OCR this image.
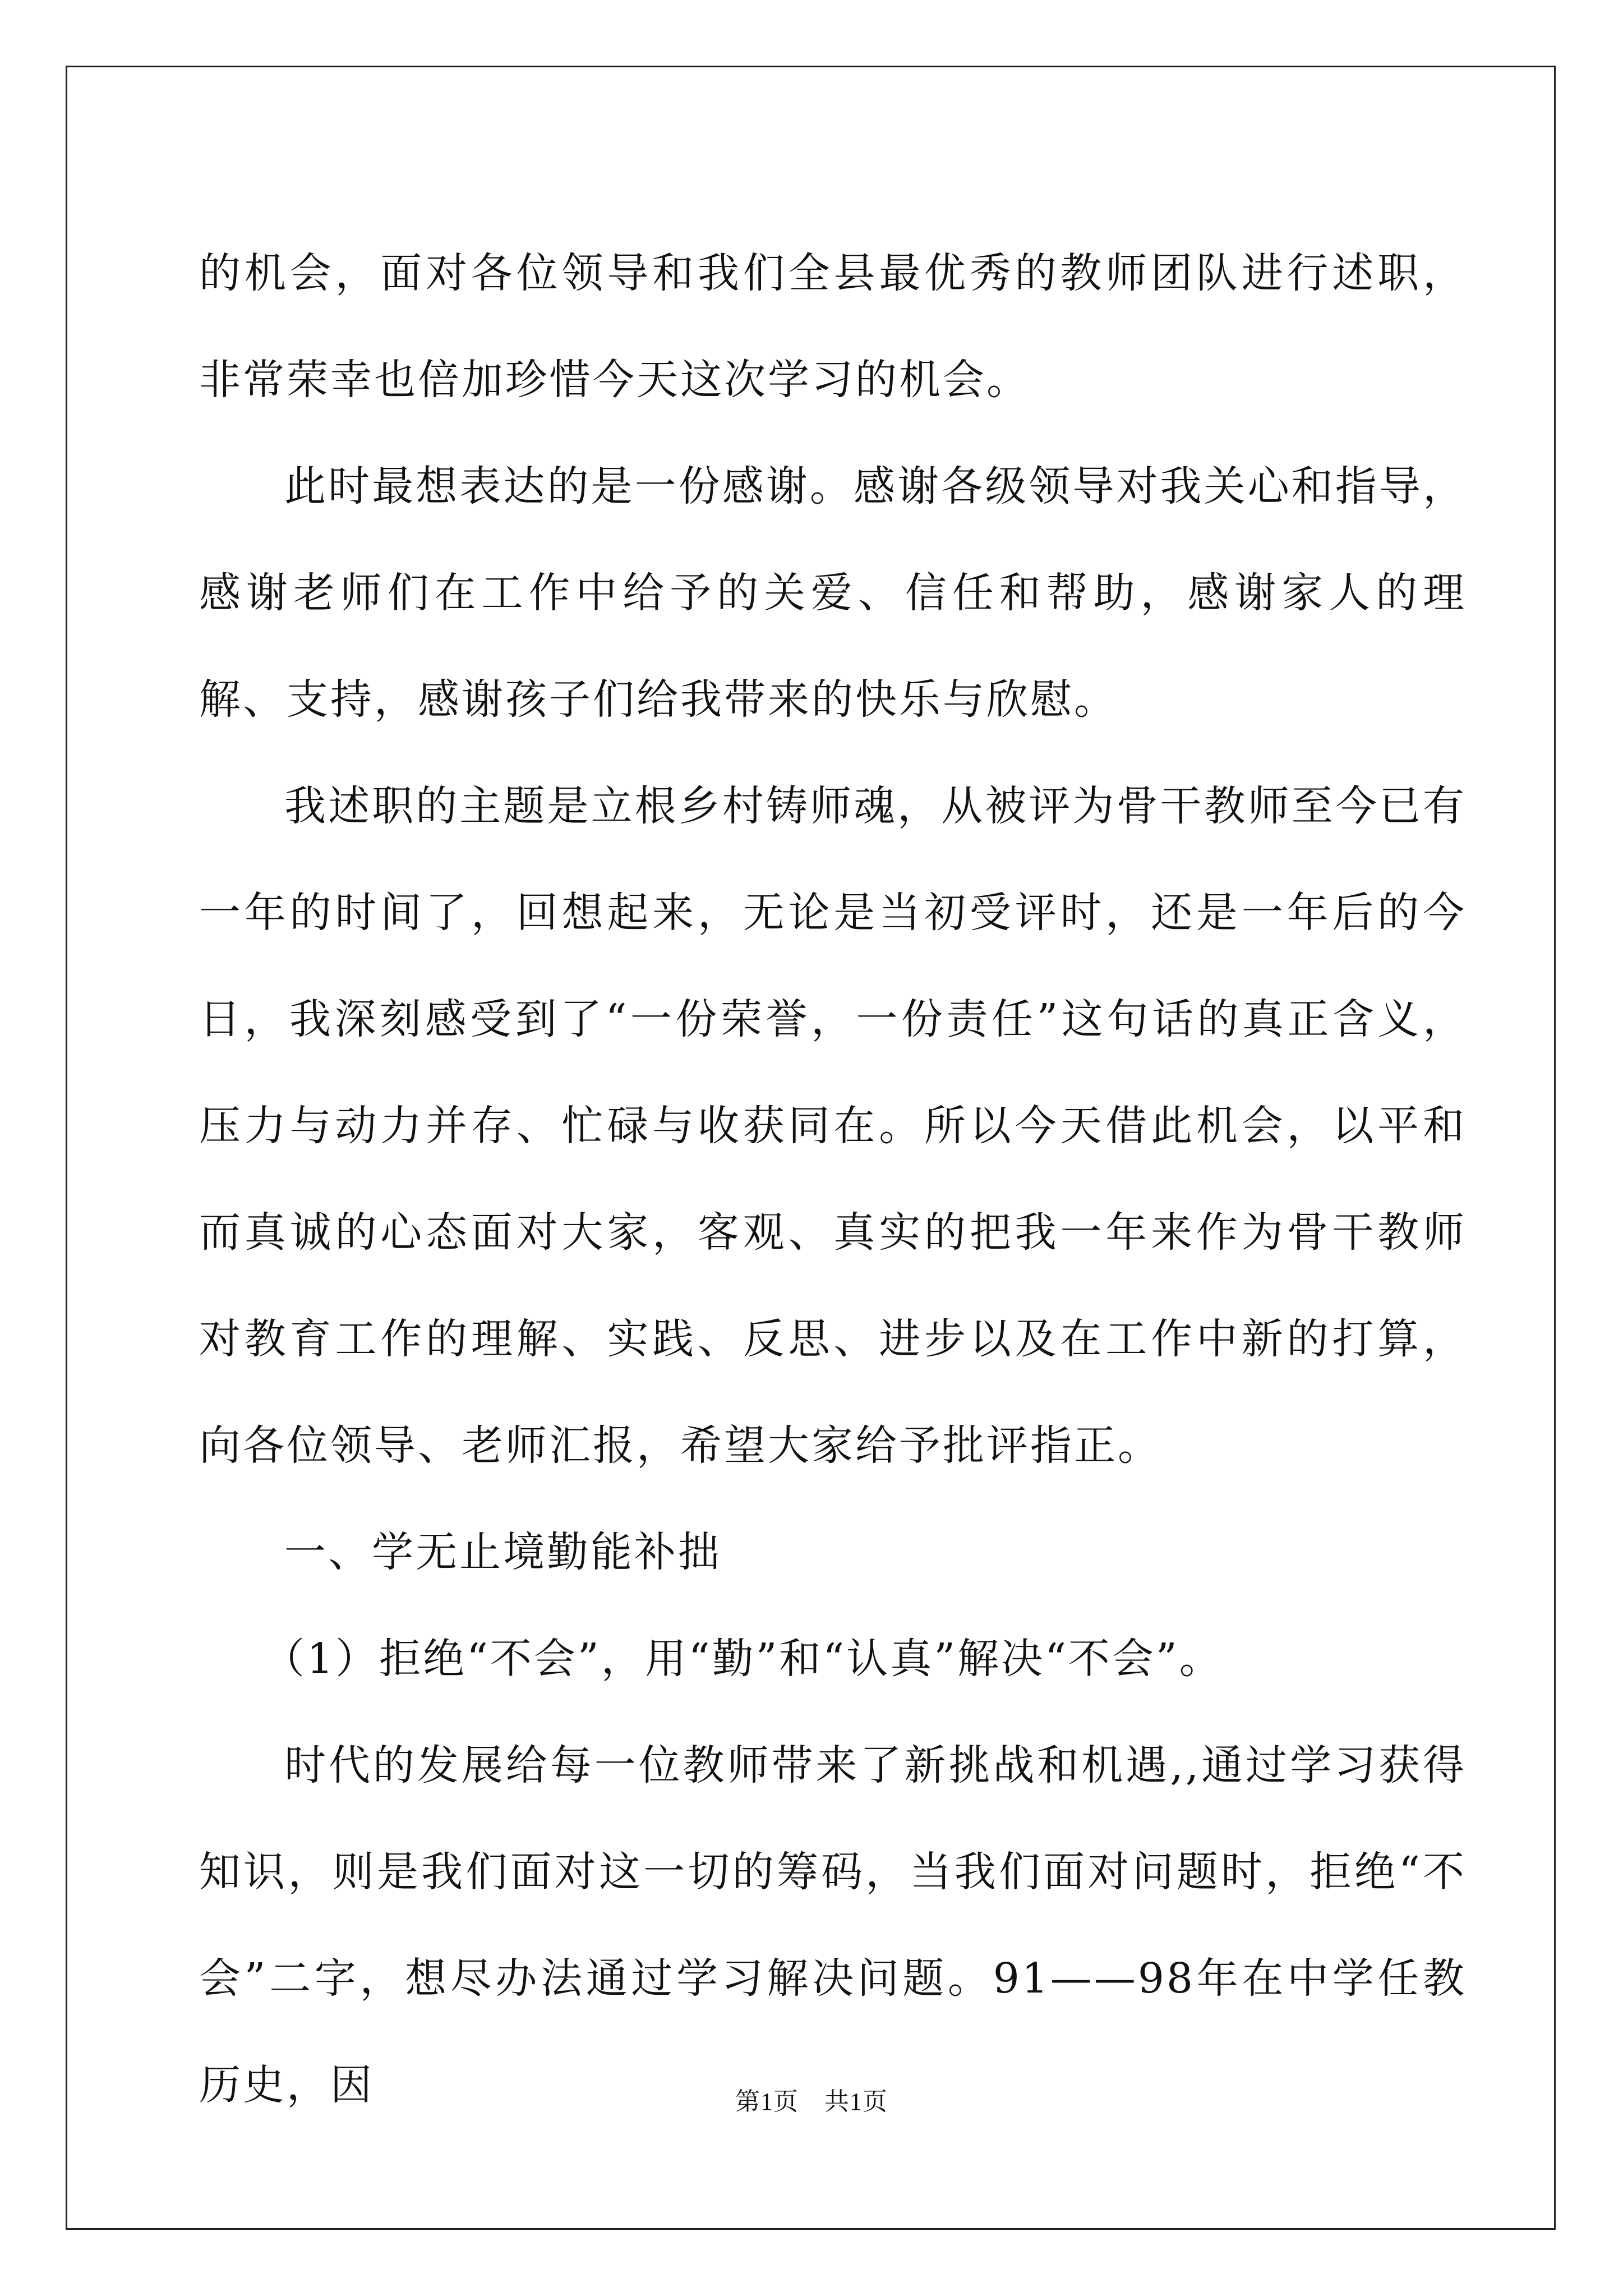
的机会，面对各位领导和我们全县最优秀的教师团队进行述职，非常荣幸也倍加珍惜今天这次学习的机会。

此时最想表达的是一份感谢。感谢各级领导对我关心和指导，感谢老师们在工作中给予的关爱、信任和帮助，感谢家人的理解、支持，感谢孩子们给我带来的快乐与欣慰。

我述职的主题是立根乡村铸师魂，从被评为骨干教师至今已有一年的时间了，回想起来，无论是当初受评时，还是一年后的今日，我深刻感受到了“一份荣誉，一份责任”这句话的真正含义，压力与动力并存、忙碌与收获同在。所以今天借此机会，以平和而真诚的心态面对大家，客观、真实的把我一年来作为骨干教师对教育工作的理解、实践、反思、进步以及在工作中新的打算，向各位领导、老师汇报，希望大家给予批评指正。

一、学无止境勤能补拙

（1）拒绝“不会”，用“勤”和“认真”解决“不会”。

时代的发展给每一位教师带来了新挑战和机遇,,通过学习获得知识，则是我们面对这一切的筹码，当我们面对问题时，拒绝“不会”二字，想尽办法通过学习解决问题。91——98年在中学任教历史，因	第1页 共1页
